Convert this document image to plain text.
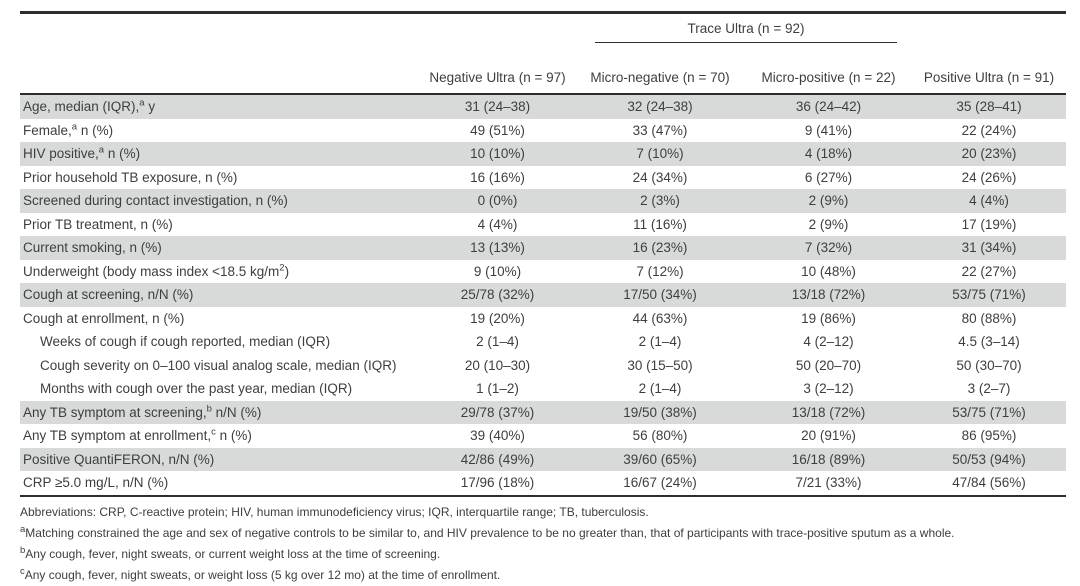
		Trace Ultra (n = 92)		

	Negative Ultra (n = 97)	Micro-negative (n = 70)	Micro-positive (n = 22)	Positive Ultra (n = 91)
Age, median (IQR),$^a$ y	31 (24–38)	32 (24–38)	36 (24–42)	35 (28–41)
Female,$^a$ n (%)	49 (51%)	33 (47%)	9 (41%)	22 (24%)
HIV positive,$^a$ n (%)	10 (10%)	7 (10%)	4 (18%)	20 (23%)
Prior household TB exposure, n (%)	16 (16%)	24 (34%)	6 (27%)	24 (26%)
Screened during contact investigation, n (%)	0 (0%)	2 (3%)	2 (9%)	4 (4%)
Prior TB treatment, n (%)	4 (4%)	11 (16%)	2 (9%)	17 (19%)
Current smoking, n (%)	13 (13%)	16 (23%)	7 (32%)	31 (34%)
Underweight (body mass index <18.5 $kg/m^2$)	9 (10%)	7 (12%)	10 (48%)	22 (27%)
Cough at screening, n/N (%)	25/78 (32%)	17/50 (34%)	13/18 (72%)	53/75 (71%)
Cough at enrollment, n (%)	19 (20%)	44 (63%)	19 (86%)	80 (88%)
Weeks of cough if cough reported, median (IQR)	2 (1–4)	2 (1–4)	4 (2–12)	4.5 (3–14)
Cough severity on 0–100 visual analog scale, median (IQR)	20 (10–30)	30 (15–50)	50 (20–70)	50 (30–70)
Months with cough over the past year, median (IQR)	1 (1–2)	2 (1–4)	3 (2–12)	3 (2–7)
Any TB symptom at screening,$^b$ n/N (%)	29/78 (37%)	19/50 (38%)	13/18 (72%)	53/75 (71%)
Any TB symptom at enrollment,$^c$ n (%)	39 (40%)	56 (80%)	20 (91%)	86 (95%)
Positive QuantiFERON, n/N (%)	42/86 (49%)	39/60 (65%)	16/18 (89%)	50/53 (94%)
CRP ≥5.0 mg/L, n/N (%)	17/96 (18%)	16/67 (24%)	7/21 (33%)	47/84 (56%)
Abbreviations: CRP, C-reactive protein; HIV, human immunodeficiency virus; IQR, interquartile range; TB, tuberculosis.
$^a$Matching constrained the age and sex of negative controls to be similar to, and HIV prevalence to be no greater than, that of participants with trace-positive sputum as a whole.
$^b$Any cough, fever, night sweats, or current weight loss at the time of screening.
$^c$Any cough, fever, night sweats, or weight loss (5 kg over 12 mo) at the time of enrollment.
